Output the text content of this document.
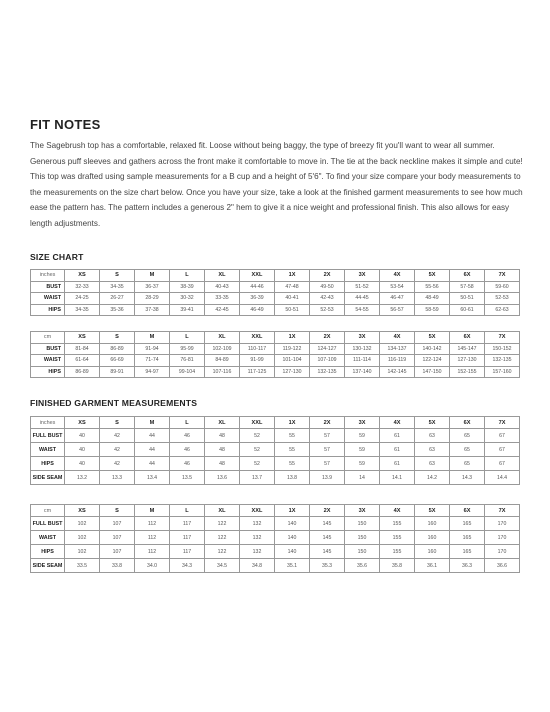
FIT NOTES

The Sagebrush top has a comfortable, relaxed fit. Loose without being baggy, the type of breezy fit you'll want to wear all summer. Generous puff sleeves and gathers across the front make it comfortable to move in. The tie at the back neckline makes it simple and cute! This top was drafted using sample measurements for a B cup and a height of 5'6". To find your size compare your body measurements to the measurements on the size chart below. Once you have your size, take a look at the finished garment measurements to see how much ease the pattern has. The pattern includes a generous 2" hem to give it a nice weight and professional finish. This also allows for easy length adjustments.

SIZE CHART
inches	XS	S	M	L	XL	XXL	1X	2X	3X	4X	5X	6X	7X
BUST	32-33	34-35	36-37	38-39	40-43	44-46	47-48	49-50	51-52	53-54	55-56	57-58	59-60
WAIST	24-25	26-27	28-29	30-32	33-35	36-39	40-41	42-43	44-45	46-47	48-49	50-51	52-53
HIPS	34-35	35-36	37-38	39-41	42-45	46-49	50-51	52-53	54-55	56-57	58-59	60-61	62-63
cm	XS	S	M	L	XL	XXL	1X	2X	3X	4X	5X	6X	7X
BUST	81-84	86-89	91-94	95-99	102-109	110-117	119-122	124-127	130-132	134-137	140-142	145-147	150-152
WAIST	61-64	66-69	71-74	76-81	84-89	91-99	101-104	107-109	111-114	116-119	122-124	127-130	132-135
HIPS	86-89	89-91	94-97	99-104	107-116	117-125	127-130	132-135	137-140	142-145	147-150	152-155	157-160
FINISHED GARMENT MEASUREMENTS
inches	XS	S	M	L	XL	XXL	1X	2X	3X	4X	5X	6X	7X
FULL BUST	40	42	44	46	48	52	55	57	59	61	63	65	67
WAIST	40	42	44	46	48	52	55	57	59	61	63	65	67
HIPS	40	42	44	46	48	52	55	57	59	61	63	65	67
SIDE SEAM	13.2	13.3	13.4	13.5	13.6	13.7	13.8	13.9	14	14.1	14.2	14.3	14.4
cm	XS	S	M	L	XL	XXL	1X	2X	3X	4X	5X	6X	7X
FULL BUST	102	107	112	117	122	132	140	145	150	155	160	165	170
WAIST	102	107	112	117	122	132	140	145	150	155	160	165	170
HIPS	102	107	112	117	122	132	140	145	150	155	160	165	170
SIDE SEAM	33.5	33.8	34.0	34.3	34.5	34.8	35.1	35.3	35.6	35.8	36.1	36.3	36.6
